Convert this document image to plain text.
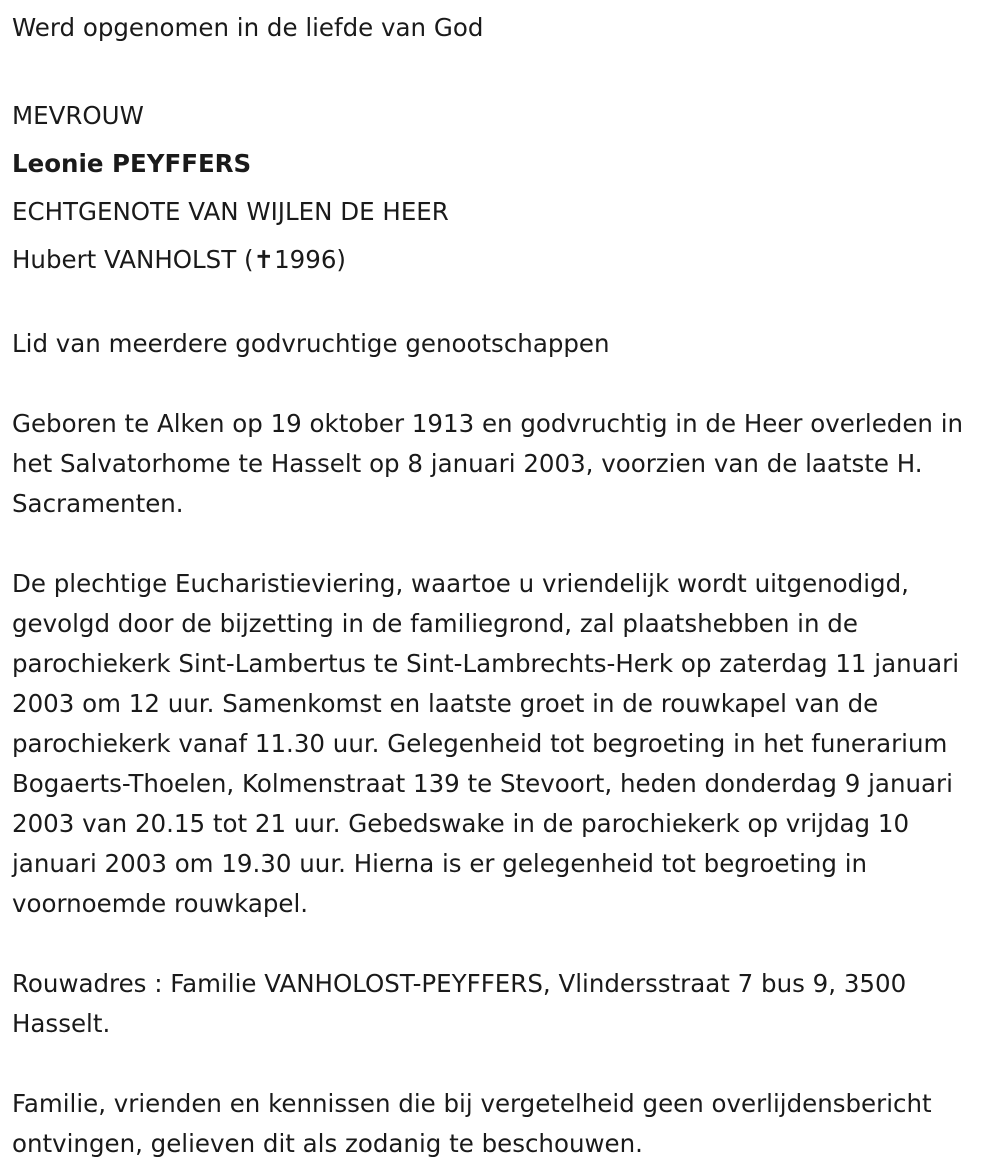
Werd opgenomen in de liefde van God

MEVROUW

Leonie PEYFFERS

ECHTGENOTE VAN WIJLEN DE HEER

Hubert VANHOLST (✝1996)

Lid van meerdere godvruchtige genootschappen

Geboren te Alken op 19 oktober 1913 en godvruchtig in de Heer overleden in het Salvatorhome te Hasselt op 8 januari 2003, voorzien van de laatste H. Sacramenten.

De plechtige Eucharistieviering, waartoe u vriendelijk wordt uitgenodigd, gevolgd door de bijzetting in de familiegrond, zal plaatshebben in de parochiekerk Sint-Lambertus te Sint-Lambrechts-Herk op zaterdag 11 januari 2003 om 12 uur. Samenkomst en laatste groet in de rouwkapel van de parochiekerk vanaf 11.30 uur. Gelegenheid tot begroeting in het funerarium Bogaerts-Thoelen, Kolmenstraat 139 te Stevoort, heden donderdag 9 januari 2003 van 20.15 tot 21 uur. Gebedswake in de parochiekerk op vrijdag 10 januari 2003 om 19.30 uur. Hierna is er gelegenheid tot begroeting in voornoemde rouwkapel.

Rouwadres : Familie VANHOLOST-PEYFFERS, Vlindersstraat 7 bus 9, 3500 Hasselt.

Familie, vrienden en kennissen die bij vergetelheid geen overlijdensbericht ontvingen, gelieven dit als zodanig te beschouwen.
